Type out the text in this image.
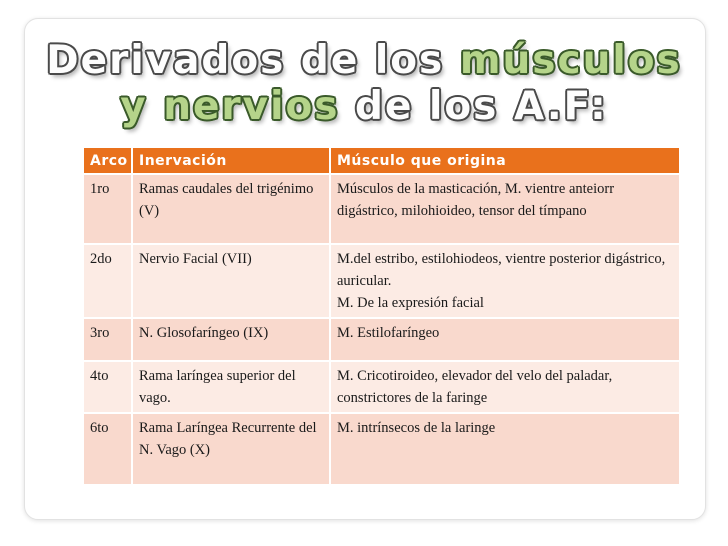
Derivados de los músculos
y nervios de los A.F:
Arco	Inervación	Músculo que origina
1ro	Ramas caudales del trigénimo (V)	Músculos de la masticación, M. vientre anteiorr digástrico, milohioideo, tensor del tímpano

2do	Nervio Facial (VII)	M.del estribo, estilohiodeos, vientre posterior digástrico, auricular.
M. De la expresión facial

3ro	N. Glosofaríngeo (IX)	M. Estilofaríngeo

4to	Rama laríngea superior del vago.	M. Cricotiroideo, elevador del velo del paladar, constrictores de la faringe

6to	Rama Laríngea Recurrente del N. Vago (X)	M. intrínsecos de la laringe
